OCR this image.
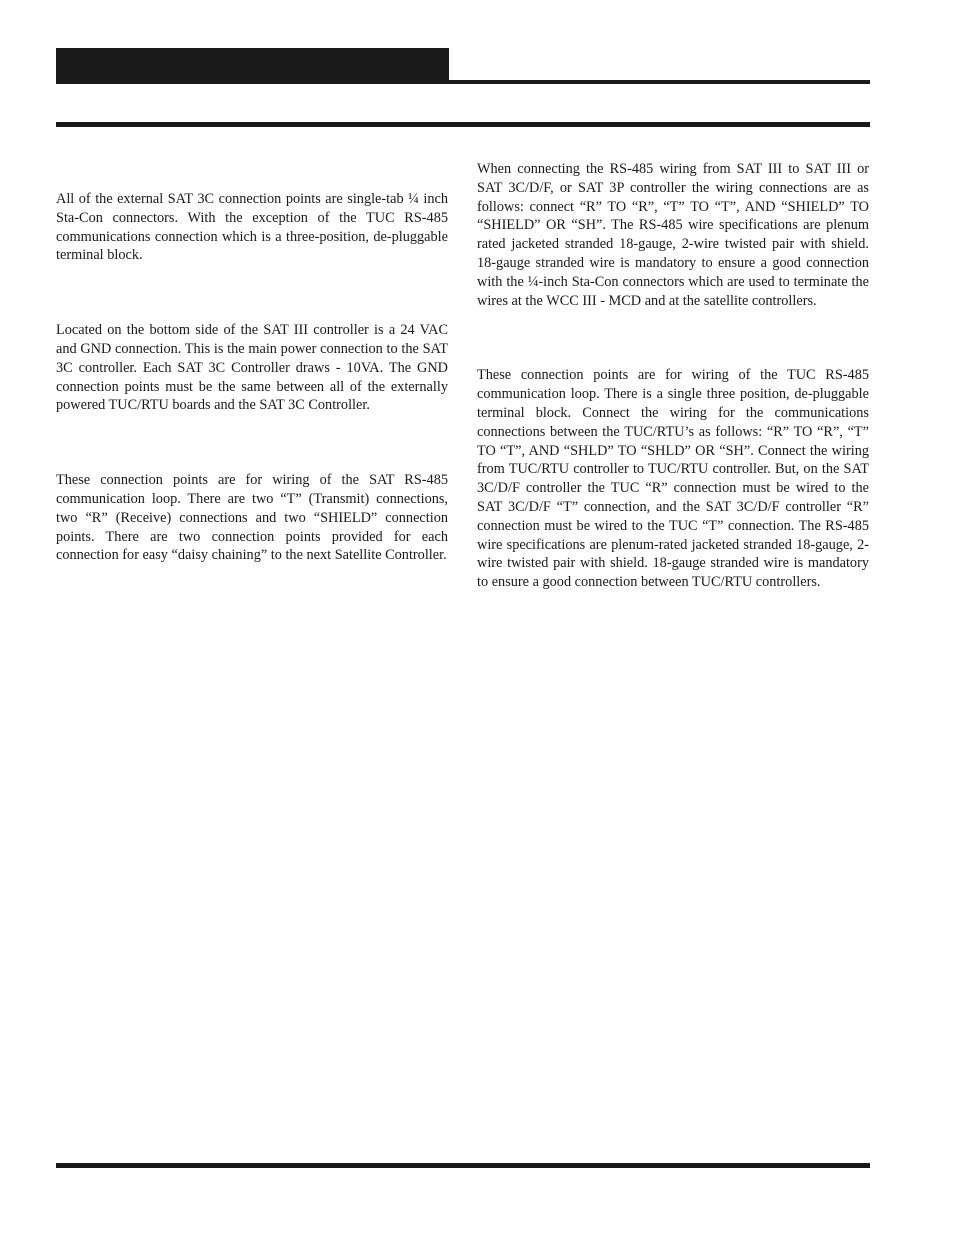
All of the external SAT 3C connection points are single-tab ¼ inch Sta-Con connectors. With the exception of the TUC RS-485 communications connection which is a three-position, de-pluggable terminal block.

Located on the bottom side of the SAT III controller is a 24 VAC and GND connection. This is the main power connection to the SAT 3C controller. Each SAT 3C Controller draws - 10VA. The GND connection points must be the same between all of the externally powered TUC/RTU boards and the SAT 3C Controller.

These connection points are for wiring of the SAT RS-485 communication loop. There are two “T” (Transmit) connections, two “R” (Receive) connections and two “SHIELD” connection points. There are two connection points provided for each connection for easy “daisy chaining” to the next Satellite Controller.

When connecting the RS-485 wiring from SAT III to SAT III or SAT 3C/D/F, or SAT 3P controller the wiring connections are as follows: connect “R” TO “R”, “T” TO “T”, AND “SHIELD” TO “SHIELD” OR “SH”. The RS-485 wire specifications are plenum rated jacketed stranded 18-gauge, 2-wire twisted pair with shield. 18-gauge stranded wire is mandatory to ensure a good connection with the ¼-inch Sta-Con connectors which are used to terminate the wires at the WCC III - MCD and at the satellite controllers.

These connection points are for wiring of the TUC RS-485 communication loop. There is a single three position, de-pluggable terminal block. Connect the wiring for the communications connections between the TUC/RTU’s as follows: “R” TO “R”, “T” TO “T”, AND “SHLD” TO “SHLD” OR “SH”. Connect the wiring from TUC/RTU controller to TUC/RTU controller. But, on the SAT 3C/D/F controller the TUC “R” connection must be wired to the SAT 3C/D/F “T” connection, and the SAT 3C/D/F controller “R” connection must be wired to the TUC “T” connection. The RS-485 wire specifications are plenum-rated jacketed stranded 18-gauge, 2-wire twisted pair with shield. 18-gauge stranded wire is mandatory to ensure a good connection between TUC/RTU controllers.
